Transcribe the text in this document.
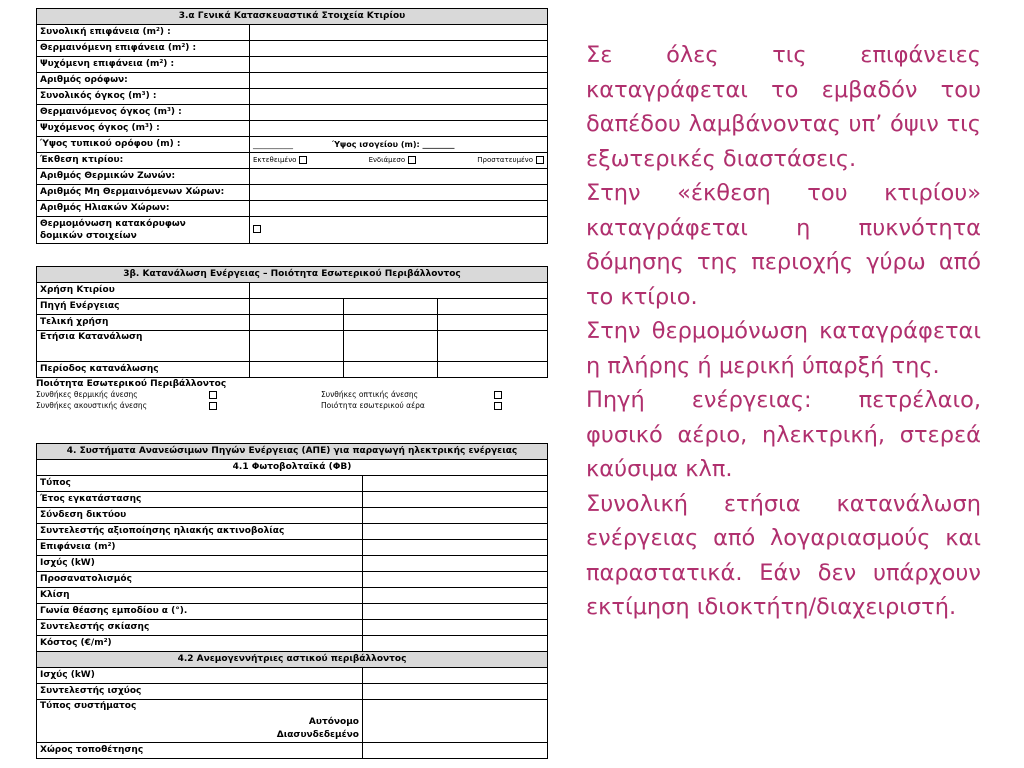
3.α Γενικά Κατασκευαστικά Στοιχεία Κτιρίου	
Συνολική επιφάνεια (m²) :	
Θερμαινόμενη επιφάνεια (m²) :	
Ψυχόμενη επιφάνεια (m²) :	
Αριθμός ορόφων:	
Συνολικός όγκος (m³) :	
Θερμαινόμενος όγκος (m³) :	
Ψυχόμενος όγκος (m³) :	
Ύψος τυπικού ορόφου (m) :	__________ Ύψος ισογείου (m): ________
Έκθεση κτιρίου:	Εκτεθειμένο Ενδιάμεσο Προστατευμένο

Αριθμός Θερμικών Ζωνών:	
Αριθμός Μη Θερμαινόμενων Χώρων:	
Αριθμός Ηλιακών Χώρων:	

Θερμομόνωση κατακόρυφων
δομικών στοιχείων	

3β. Κατανάλωση Ενέργειας – Ποιότητα Εσωτερικού Περιβάλλοντος			
Χρήση Κτιρίου			
Πηγή Ενέργειας			
Τελική χρήση			
Ετήσια Κατανάλωση			
Περίοδος κατανάλωσης			
Ποιότητα Εσωτερικού Περιβάλλοντος
Συνθήκες θερμικής άνεσης	Συνθήκες οπτικής άνεσης
Συνθήκες ακουστικής άνεσης	Ποιότητα εσωτερικού αέρα
4. Συστήματα Ανανεώσιμων Πηγών Ενέργειας (ΑΠΕ) για παραγωγή ηλεκτρικής ενέργειας	
4.1 Φωτοβολταϊκά (ΦΒ)	
Τύπος	
Έτος εγκατάστασης	
Σύνδεση δικτύου	
Συντελεστής αξιοποίησης ηλιακής ακτινοβολίας	
Επιφάνεια (m²)	
Ισχύς (kW)	
Προσανατολισμός	
Κλίση	
Γωνία θέασης εμποδίου α (°).	
Συντελεστής σκίασης	
Κόστος (€/m²)	
4.2 Ανεμογεννήτριες αστικού περιβάλλοντος	
Ισχύς (kW)	
Συντελεστής ισχύος	

Τύπος συστήματος
Αυτόνομο
Διασυνδεδεμένο	

Χώρος τοποθέτησης	

Σε όλες τις επιφάνειες καταγράφεται το εμβαδόν του δαπέδου λαμβάνοντας υπ’ όψιν τις εξωτερικές διαστάσεις.

Στην «έκθεση του κτιρίου» καταγράφεται η πυκνότητα δόμησης της περιοχής γύρω από το κτίριο.

Στην θερμομόνωση καταγράφεται η πλήρης ή μερική ύπαρξή της.

Πηγή ενέργειας: πετρέλαιο, φυσικό αέριο, ηλεκτρική, στερεά καύσιμα κλπ.

Συνολική ετήσια κατανάλωση ενέργειας από λογαριασμούς και παραστατικά. Εάν δεν υπάρχουν εκτίμηση ιδιοκτήτη/διαχειριστή.
